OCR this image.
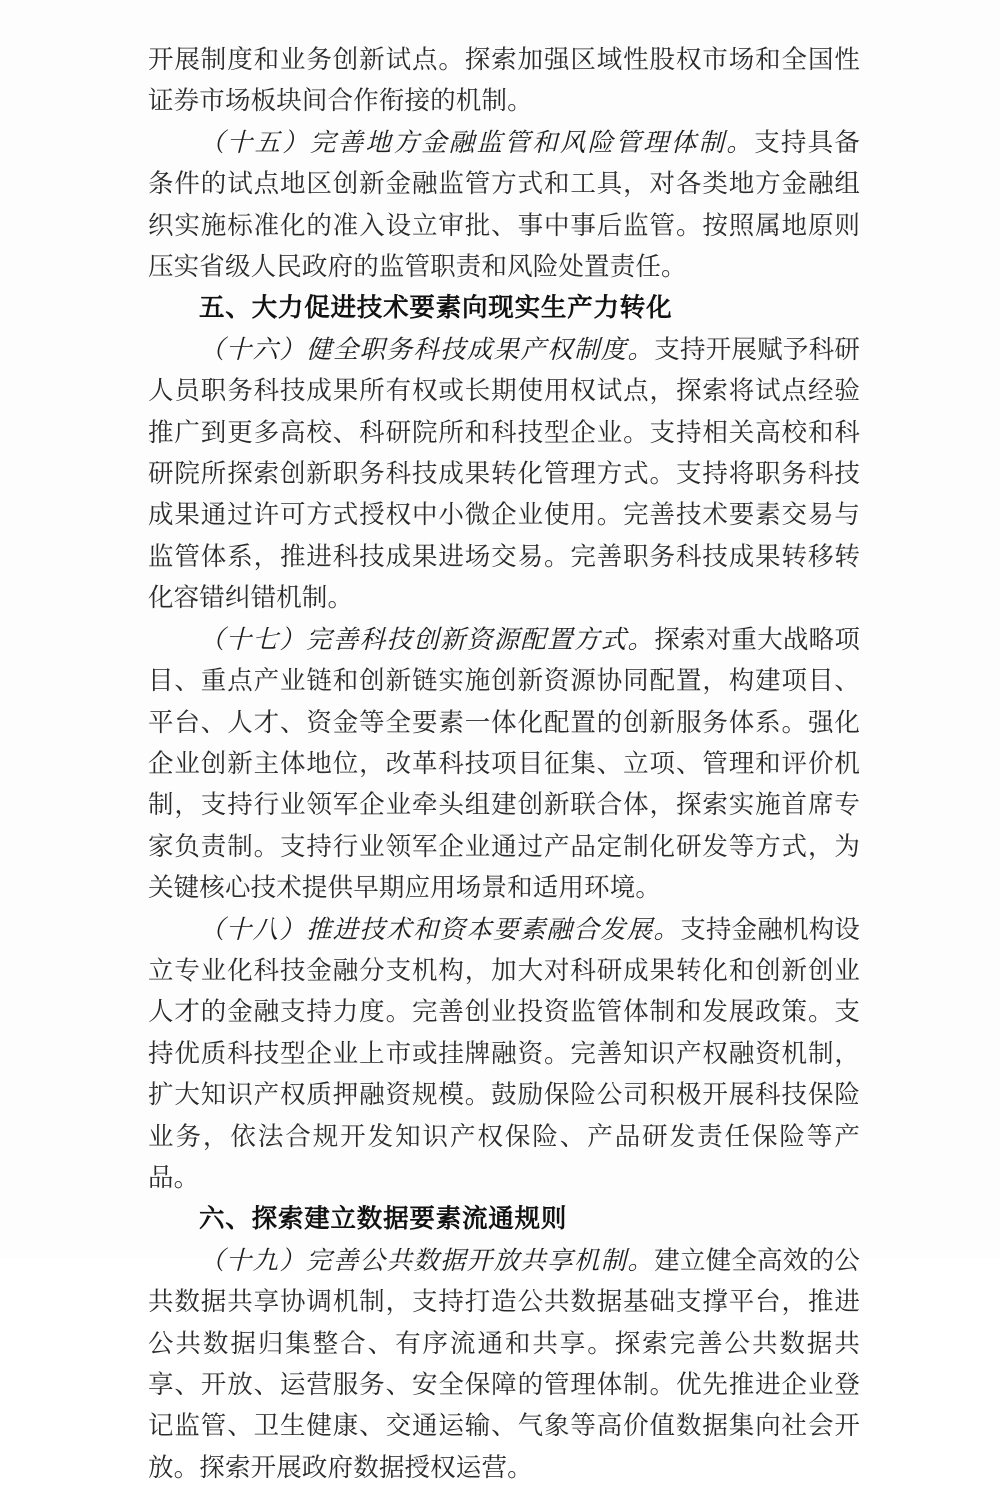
开展制度和业务创新试点。探索加强区域性股权市场和全国性证券市场板块间合作衔接的机制。

（十五）完善地方金融监管和风险管理体制。支持具备条件的试点地区创新金融监管方式和工具，对各类地方金融组织实施标准化的准入设立审批、事中事后监管。按照属地原则压实省级人民政府的监管职责和风险处置责任。

五、大力促进技术要素向现实生产力转化

（十六）健全职务科技成果产权制度。支持开展赋予科研人员职务科技成果所有权或长期使用权试点，探索将试点经验推广到更多高校、科研院所和科技型企业。支持相关高校和科研院所探索创新职务科技成果转化管理方式。支持将职务科技成果通过许可方式授权中小微企业使用。完善技术要素交易与监管体系，推进科技成果进场交易。完善职务科技成果转移转化容错纠错机制。

（十七）完善科技创新资源配置方式。探索对重大战略项目、重点产业链和创新链实施创新资源协同配置，构建项目、平台、人才、资金等全要素一体化配置的创新服务体系。强化企业创新主体地位，改革科技项目征集、立项、管理和评价机制，支持行业领军企业牵头组建创新联合体，探索实施首席专家负责制。支持行业领军企业通过产品定制化研发等方式，为关键核心技术提供早期应用场景和适用环境。

（十八）推进技术和资本要素融合发展。支持金融机构设立专业化科技金融分支机构，加大对科研成果转化和创新创业人才的金融支持力度。完善创业投资监管体制和发展政策。支持优质科技型企业上市或挂牌融资。完善知识产权融资机制，扩大知识产权质押融资规模。鼓励保险公司积极开展科技保险业务，依法合规开发知识产权保险、产品研发责任保险等产品。

六、探索建立数据要素流通规则

（十九）完善公共数据开放共享机制。建立健全高效的公共数据共享协调机制，支持打造公共数据基础支撑平台，推进公共数据归集整合、有序流通和共享。探索完善公共数据共享、开放、运营服务、安全保障的管理体制。优先推进企业登记监管、卫生健康、交通运输、气象等高价值数据集向社会开放。探索开展政府数据授权运营。
